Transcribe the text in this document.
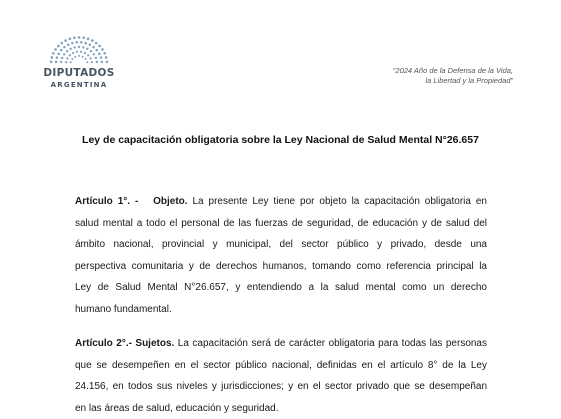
DIPUTADOS
ARGENTINA
“2024 Año de la Defensa de la Vida,
la Libertad y la Propiedad”
Ley de capacitación obligatoria sobre la Ley Nacional de Salud Mental N°26.657
Artículo 1°. - Objeto. La presente Ley tiene por objeto la capacitación obligatoria en
salud mental a todo el personal de las fuerzas de seguridad, de educación y de salud del
ámbito nacional, provincial y municipal, del sector público y privado, desde una
perspectiva comunitaria y de derechos humanos, tomando como referencia principal la
Ley de Salud Mental N°26.657, y entendiendo a la salud mental como un derecho
humano fundamental.
Artículo 2°.- Sujetos. La capacitación será de carácter obligatoria para todas las personas
que se desempeñen en el sector público nacional, definidas en el artículo 8° de la Ley
24.156, en todos sus niveles y jurisdicciones; y en el sector privado que se desempeñan
en las áreas de salud, educación y seguridad.
